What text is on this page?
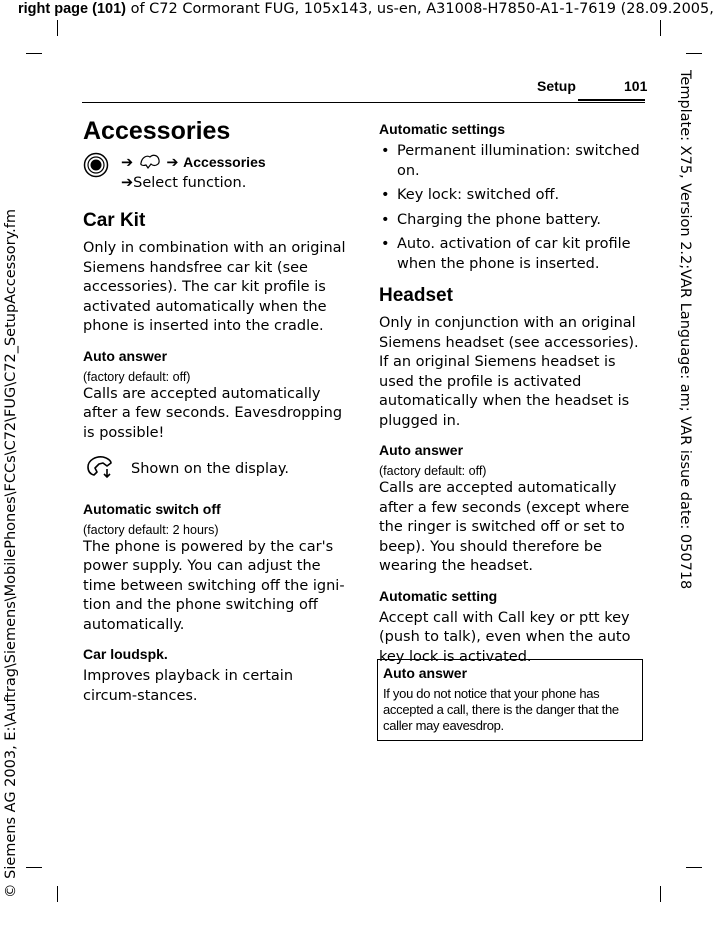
right page (101) of C72 Cormorant FUG, 105x143, us-en, A31008-H7850-A1-1-7619 (28.09.2005,
Template: X75, Version 2.2;VAR Language: am; VAR issue date: 050718
© Siemens AG 2003, E:\Auftrag\Siemens\MobilePhones\FCCs\C72\FUG\C72_SetupAccessory.fm
Setup	101
Accessories
➔ ➔ Accessories
➔Select function.
Car Kit

Only in combination with an original Siemens handsfree car kit (see accessories). The car kit profile is activated automatically when the phone is inserted into the cradle.

Auto answer

(factory default: off)

Calls are accepted automatically after a few seconds. Eavesdropping is possible!

Shown on the display.
Automatic switch off

(factory default: 2 hours)

The phone is powered by the car's power supply. You can adjust the time between switching off the igni-tion and the phone switching off automatically.

Car loudspk.

Improves playback in certain circum-stances.

Automatic settings
• Permanent illumination: switched on.
• Key lock: switched off.
• Charging the phone battery.
• Auto. activation of car kit profile when the phone is inserted.
Headset

Only in conjunction with an original Siemens headset (see accessories). If an original Siemens headset is used the profile is activated automatically when the headset is plugged in.

Auto answer

(factory default: off)

Calls are accepted automatically after a few seconds (except where the ringer is switched off or set to beep). You should therefore be wearing the headset.

Automatic setting

Accept call with Call key or ptt key (push to talk), even when the auto key lock is activated.

Auto answer
If you do not notice that your phone has accepted a call, there is the danger that the caller may eavesdrop.
